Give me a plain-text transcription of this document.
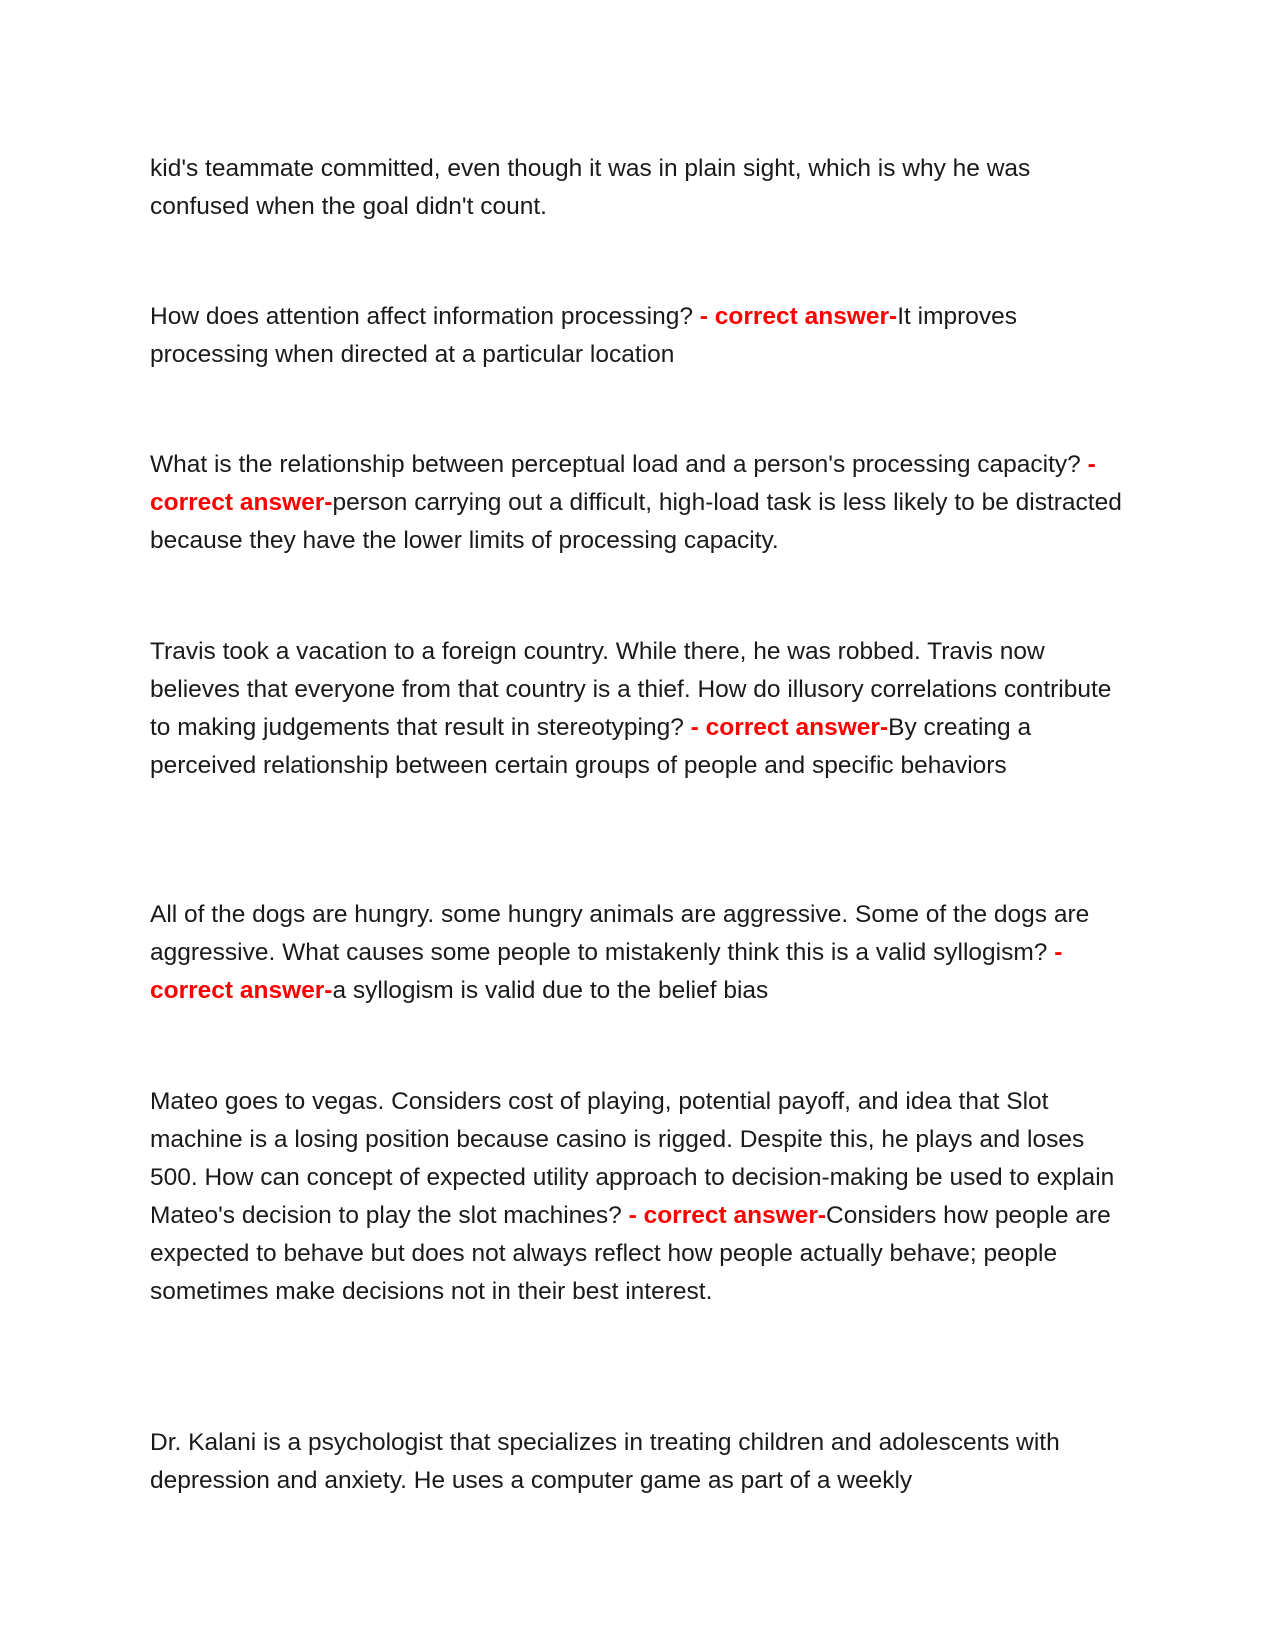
kid's teammate committed, even though it was in plain sight, which is why he was confused when the goal didn't count.
How does attention affect information processing? - correct answer-It improves processing when directed at a particular location
What is the relationship between perceptual load and a person's processing capacity? - correct answer-person carrying out a difficult, high-load task is less likely to be distracted because they have the lower limits of processing capacity.
Travis took a vacation to a foreign country. While there, he was robbed. Travis now believes that everyone from that country is a thief. How do illusory correlations contribute to making judgements that result in stereotyping? - correct answer-By creating a perceived relationship between certain groups of people and specific behaviors
All of the dogs are hungry. some hungry animals are aggressive. Some of the dogs are aggressive. What causes some people to mistakenly think this is a valid syllogism? - correct answer-a syllogism is valid due to the belief bias
Mateo goes to vegas. Considers cost of playing, potential payoff, and idea that Slot machine is a losing position because casino is rigged. Despite this, he plays and loses 500. How can concept of expected utility approach to decision-making be used to explain Mateo's decision to play the slot machines? - correct answer-Considers how people are expected to behave but does not always reflect how people actually behave; people sometimes make decisions not in their best interest.
Dr. Kalani is a psychologist that specializes in treating children and adolescents with depression and anxiety. He uses a computer game as part of a weekly
